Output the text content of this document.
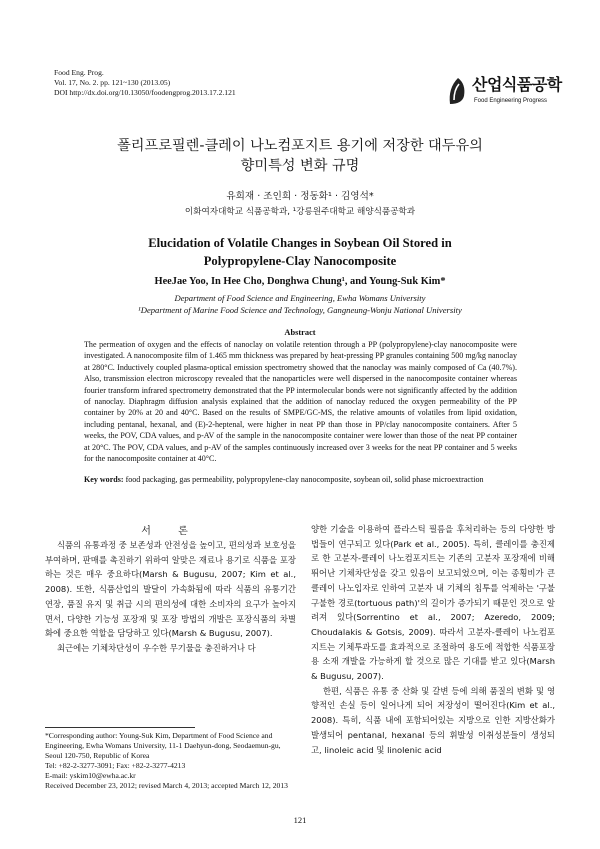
Food Eng. Prog.
Vol. 17, No. 2. pp. 121~130 (2013.05)
DOI http://dx.doi.org/10.13050/foodengprog.2013.17.2.121	산업식품공학
Food Engineering Progress
폴리프로필렌-클레이 나노컴포지트 용기에 저장한 대두유의
향미특성 변화 규명
유희재 · 조인희 · 정동화¹ · 김영석*
이화여자대학교 식품공학과, ¹강릉원주대학교 해양식품공학과
Elucidation of Volatile Changes in Soybean Oil Stored in
Polypropylene-Clay Nanocomposite
HeeJae Yoo, In Hee Cho, Donghwa Chung¹, and Young-Suk Kim*
Department of Food Science and Engineering, Ewha Womans University
¹Department of Marine Food Science and Technology, Gangneung-Wonju National University
Abstract
The permeation of oxygen and the effects of nanoclay on volatile retention through a PP (polypropylene)-clay nanocomposite were investigated. A nanocomposite film of 1.465 mm thickness was prepared by heat-pressing PP granules containing 500 mg/kg nanoclay at 280°C. Inductively coupled plasma-optical emission spectrometry showed that the nanoclay was mainly composed of Ca (40.7%). Also, transmission electron microscopy revealed that the nanoparticles were well dispersed in the nanocomposite container whereas fourier transform infrared spectrometry demonstrated that the PP intermolecular bonds were not significantly affected by the addition of nanoclay. Diaphragm diffusion analysis explained that the addition of nanoclay reduced the oxygen permeability of the PP container by 20% at 20 and 40°C. Based on the results of SMPE/GC-MS, the relative amounts of volatiles from lipid oxidation, including pentanal, hexanal, and (E)-2-heptenal, were higher in neat PP than those in PP/clay nanocomposite containers. After 5 weeks, the POV, CDA values, and p-AV of the sample in the nanocomposite container were lower than those of the neat PP container at 20°C. The POV, CDA values, and p-AV of the samples continuously increased over 3 weeks for the neat PP container and 5 weeks for the nanocomposite container at 40°C.
Key words: food packaging, gas permeability, polypropylene-clay nanocomposite, soybean oil, solid phase microextraction
서 론

식품의 유통과정 중 보존성과 안전성을 높이고, 편의성과 보호성을 부여하며, 판매를 촉진하기 위하여 알맞은 재료나 용기로 식품을 포장하는 것은 매우 중요하다(Marsh & Bugusu, 2007; Kim et al., 2008). 또한, 식품산업의 발달이 가속화됨에 따라 식품의 유통기간 연장, 품질 유지 및 취급 시의 편의성에 대한 소비자의 요구가 높아지면서, 다양한 기능성 포장재 및 포장 방법의 개발은 포장식품의 차별화에 중요한 역할을 담당하고 있다(Marsh & Bugusu, 2007).

최근에는 기체차단성이 우수한 무기물을 충진하거나 다

양한 기술을 이용하여 플라스틱 필름을 후처리하는 등의 다양한 방법들이 연구되고 있다(Park et al., 2005). 특히, 클레이를 충진제로 한 고분자-클레이 나노컴포지트는 기존의 고분자 포장재에 비해 뛰어난 기체차단성을 갖고 있음이 보고되었으며, 이는 종횡비가 큰 클레이 나노입자로 인하여 고분자 내 기체의 침투를 억제하는 '구불구불한 경로(tortuous path)'의 길이가 증가되기 때문인 것으로 알려져 있다(Sorrentino et al., 2007; Azeredo, 2009; Choudalakis & Gotsis, 2009). 따라서 고분자-클레이 나노컴포지트는 기체투과도를 효과적으로 조절하여 용도에 적합한 식품포장용 소재 개발을 가능하게 할 것으로 많은 기대를 받고 있다(Marsh & Bugusu, 2007).

한편, 식품은 유통 중 산화 및 갈변 등에 의해 품질의 변화 및 영향적인 손실 등이 일어나게 되어 저장성이 떨어진다(Kim et al., 2008). 특히, 식품 내에 포함되어있는 지방으로 인한 지방산화가 발생되어 pentanal, hexanal 등의 휘발성 이취성분들이 생성되고, linoleic acid 및 linolenic acid

*Corresponding author: Young-Suk Kim, Department of Food Science and Engineering, Ewha Womans University, 11-1 Daehyun-dong, Seodaemun-gu, Seoul 120-750, Republic of Korea
Tel: +82-2-3277-3091; Fax: +82-2-3277-4213
E-mail: yskim10@ewha.ac.kr
Received December 23, 2012; revised March 4, 2013; accepted March 12, 2013
121
